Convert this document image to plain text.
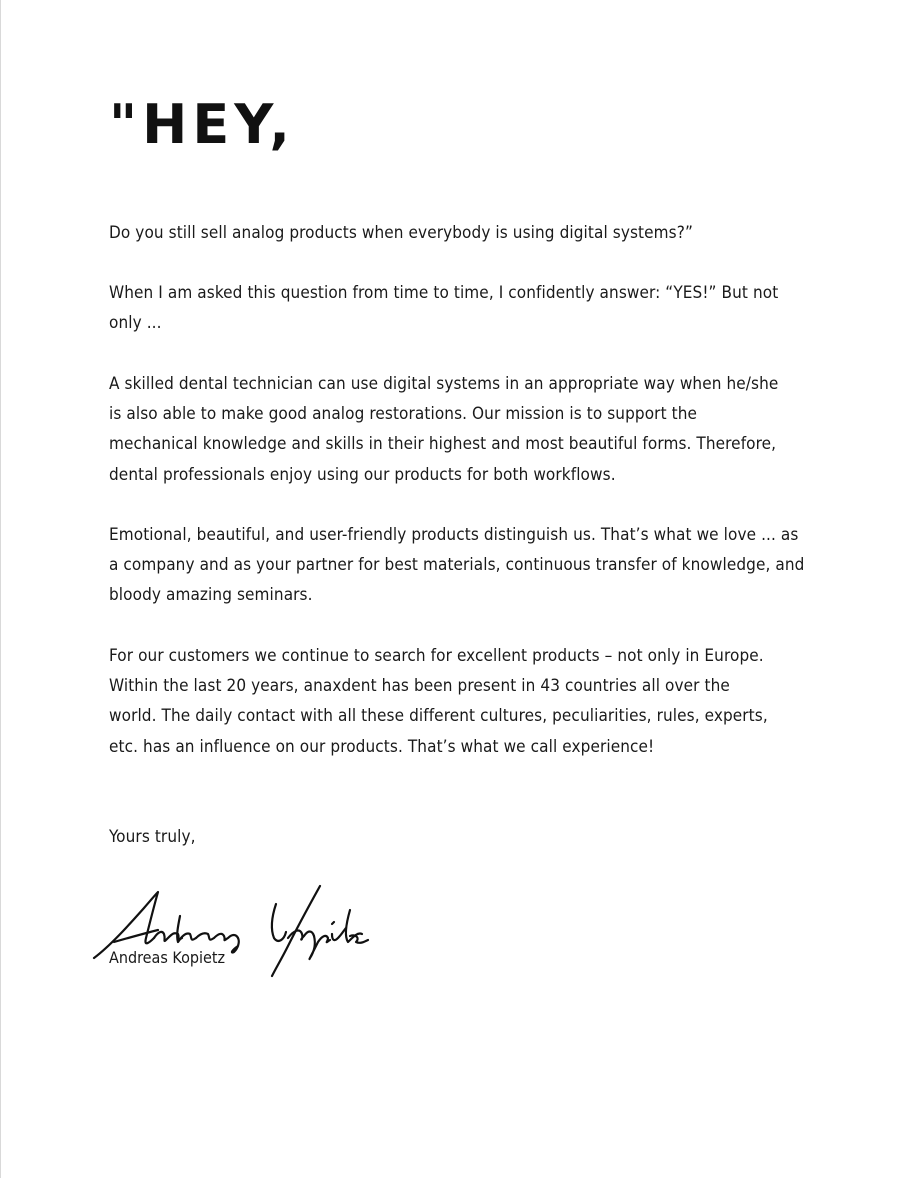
"HEY,

Do you still sell analog products when everybody is using digital systems?”

When I am asked this question from time to time, I confidently answer: “YES!” But not only ...

A skilled dental technician can use digital systems in an appropriate way when he/she is also able to make good analog restorations. Our mission is to support the mechanical knowledge and skills in their highest and most beautiful forms. Therefore, dental professionals enjoy using our products for both workflows.

Emotional, beautiful, and user-friendly products distinguish us. That’s what we love ... as a company and as your partner for best materials, continuous transfer of knowledge, and bloody amazing seminars.

For our customers we continue to search for excellent products – not only in Europe. Within the last 20 years, anaxdent has been present in 43 countries all over the world. The daily contact with all these different cultures, peculiarities, rules, experts, etc. has an influence on our products. That’s what we call experience!

Yours truly,

Andreas Kopietz
